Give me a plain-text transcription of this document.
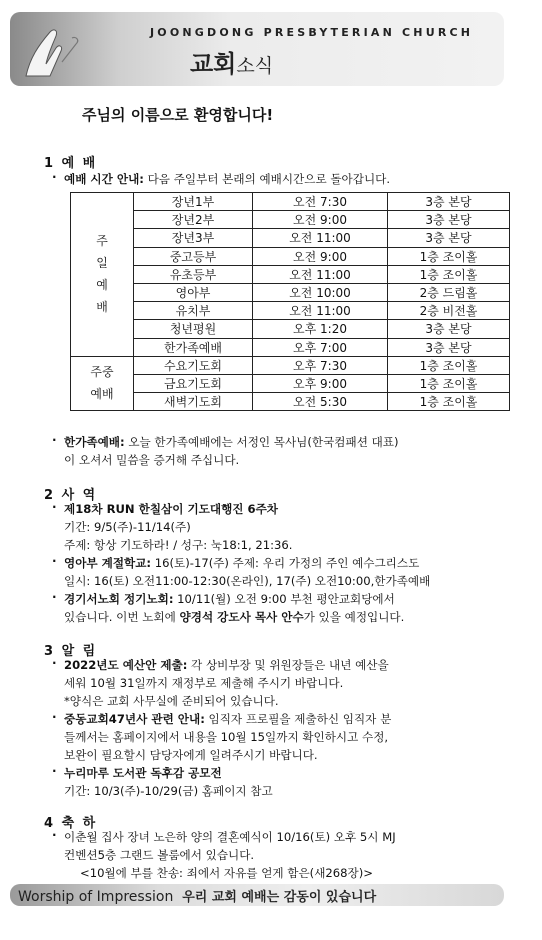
JOONGDONG PRESBYTERIAN CHURCH
교회소식
주님의 이름으로 환영합니다!
1 예 배
· 예배 시간 안내: 다음 주일부터 본래의 예배시간으로 돌아갑니다.
주
일
예
배	장년1부	오전 7:30	3층 본당
	장년2부	오전 9:00	3층 본당
	장년3부	오전 11:00	3층 본당
	중고등부	오전 9:00	1층 조이홀
	유초등부	오전 11:00	1층 조이홀
	영아부	오전 10:00	2층 드림홀
	유치부	오전 11:00	2층 비전홀
	청년평원	오후 1:20	3층 본당
	한가족예배	오후 7:00	3층 본당

주중
예배	수요기도회	오후 7:30	1층 조이홀
	금요기도회	오후 9:00	1층 조이홀
	새벽기도회	오전 5:30	1층 조이홀
· 한가족예배: 오늘 한가족예배에는 서정인 목사님(한국컴패션 대표)
이 오셔서 밀씀을 증거해 주십니다.
2 사 역
· 제18차 RUN 한칠삼이 기도대행진 6주차
기간: 9/5(주)-11/14(주)
주제: 항상 기도하라! / 성구: 눅18:1, 21:36.
· 영아부 계절학교: 16(토)-17(주) 주제: 우리 가정의 주인 예수그리스도
일시: 16(토) 오전11:00-12:30(온라인), 17(주) 오전10:00,한가족예배
· 경기서노회 정기노회: 10/11(월) 오전 9:00 부천 평안교회당에서
있습니다. 이번 노회에 양경석 강도사 목사 안수가 있을 예정입니다.
3 알 림
· 2022년도 예산안 제출: 각 상비부장 및 위원장들은 내년 예산을
세워 10월 31일까지 재정부로 제출해 주시기 바랍니다.
*양식은 교회 사무실에 준비되어 있습니다.
· 중동교회47년사 관련 안내: 임직자 프로필을 제출하신 임직자 분
들께서는 홈페이지에서 내용을 10월 15일까지 확인하시고 수정,
보완이 필요할시 담당자에게 일려주시기 바랍니다.
· 누리마루 도서관 독후감 공모전
기간: 10/3(주)-10/29(금) 홈페이지 참고
4 축 하
· 이춘월 집사 장녀 노은하 양의 결혼예식이 10/16(토) 오후 5시 MJ
컨벤션5층 그랜드 볼룸에서 있습니다.
<10월에 부를 찬송: 죄에서 자유를 얻게 함은(새268장)>
Worship of Impression 우리 교회 예배는 감동이 있습니다
